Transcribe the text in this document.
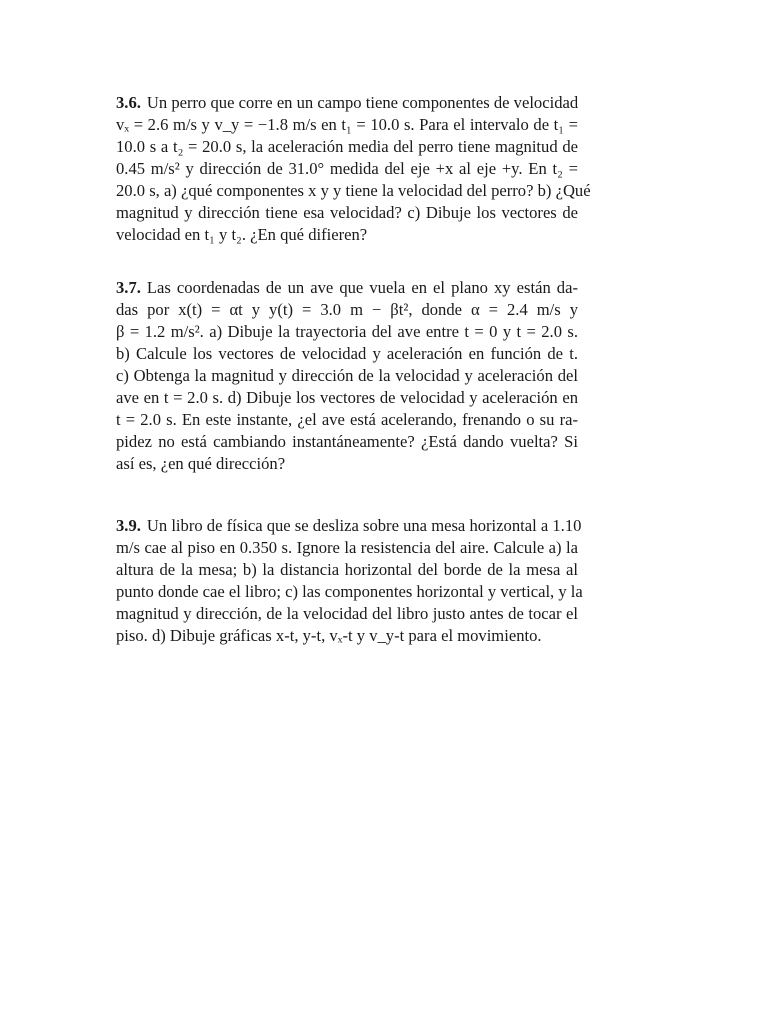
3.6. Un perro que corre en un campo tiene componentes de velocidad
vₓ = 2.6 m/s y v_y = −1.8 m/s en t₁ = 10.0 s. Para el intervalo de t₁ =
10.0 s a t₂ = 20.0 s, la aceleración media del perro tiene magnitud de
0.45 m/s² y dirección de 31.0° medida del eje +x al eje +y. En t₂ =
20.0 s, a) ¿qué componentes x y y tiene la velocidad del perro? b) ¿Qué
magnitud y dirección tiene esa velocidad? c) Dibuje los vectores de
velocidad en t₁ y t₂. ¿En qué difieren?
3.7. Las coordenadas de un ave que vuela en el plano xy están da-
das por x(t) = αt y y(t) = 3.0 m − βt², donde α = 2.4 m/s y
β = 1.2 m/s². a) Dibuje la trayectoria del ave entre t = 0 y t = 2.0 s.
b) Calcule los vectores de velocidad y aceleración en función de t.
c) Obtenga la magnitud y dirección de la velocidad y aceleración del
ave en t = 2.0 s. d) Dibuje los vectores de velocidad y aceleración en
t = 2.0 s. En este instante, ¿el ave está acelerando, frenando o su ra-
pidez no está cambiando instantáneamente? ¿Está dando vuelta? Si
así es, ¿en qué dirección?
3.9. Un libro de física que se desliza sobre una mesa horizontal a 1.10
m/s cae al piso en 0.350 s. Ignore la resistencia del aire. Calcule a) la
altura de la mesa; b) la distancia horizontal del borde de la mesa al
punto donde cae el libro; c) las componentes horizontal y vertical, y la
magnitud y dirección, de la velocidad del libro justo antes de tocar el
piso. d) Dibuje gráficas x-t, y-t, vₓ-t y v_y-t para el movimiento.
